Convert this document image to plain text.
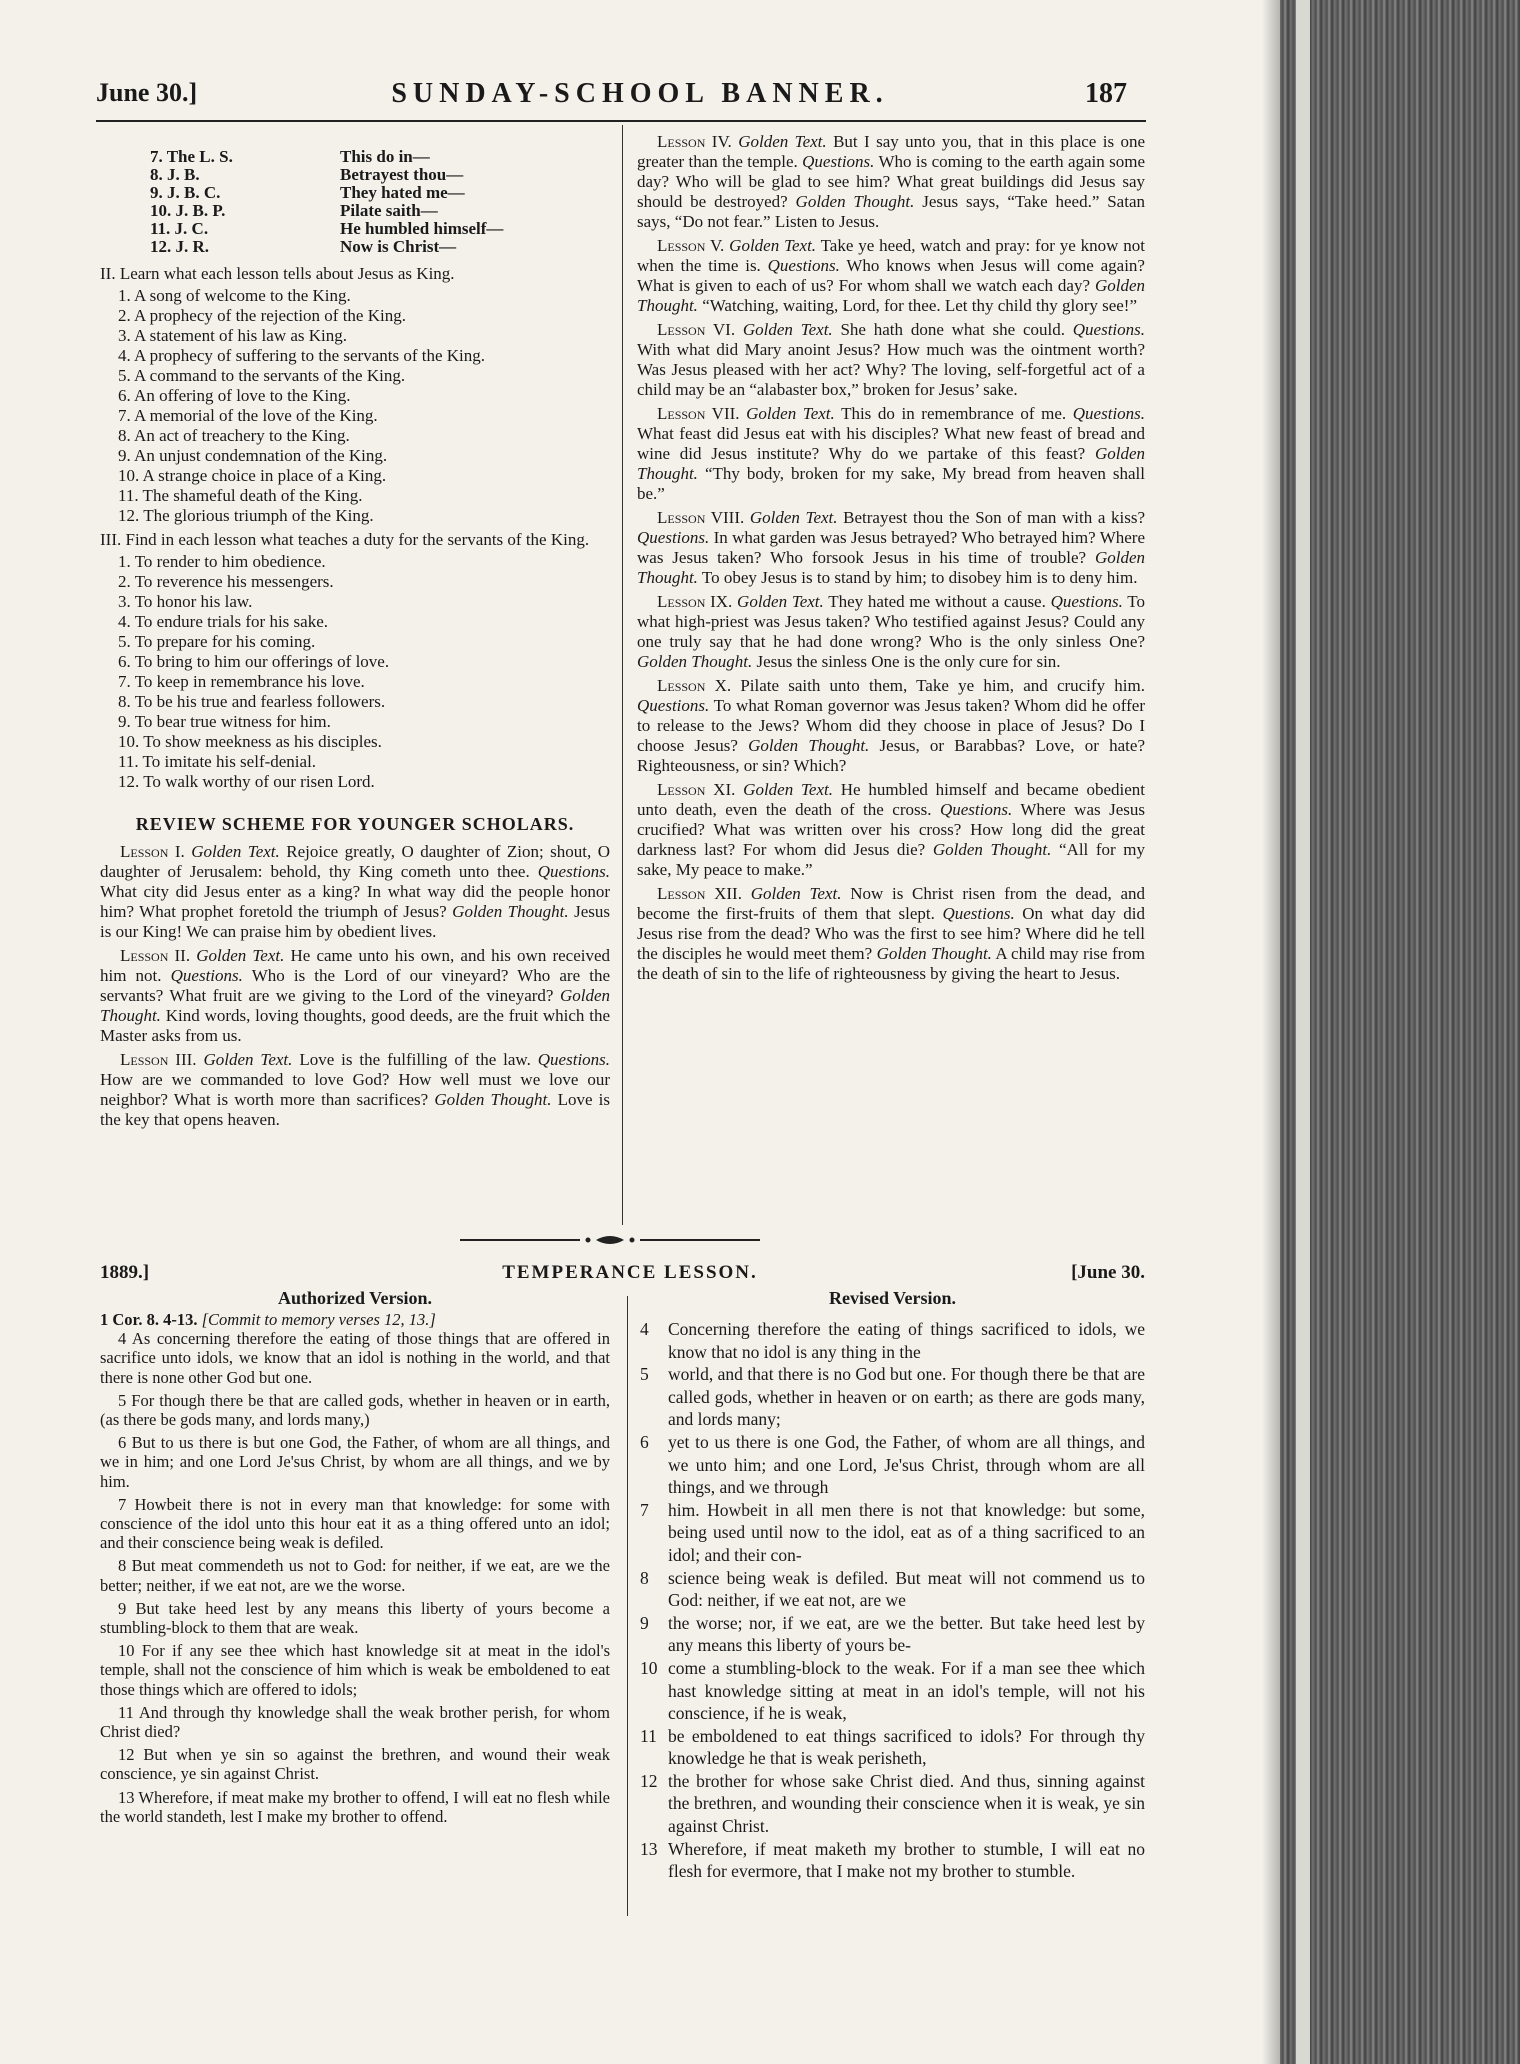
June 30.]	SUNDAY-SCHOOL BANNER.	187
7. The L. S.	This do in—
8. J. B.	Betrayest thou—
9. J. B. C.	They hated me—
10. J. B. P.	Pilate saith—
11. J. C.	He humbled himself—
12. J. R.	Now is Christ—
II. Learn what each lesson tells about Jesus as King.
1. A song of welcome to the King.
2. A prophecy of the rejection of the King.
3. A statement of his law as King.
4. A prophecy of suffering to the servants of the King.
5. A command to the servants of the King.
6. An offering of love to the King.
7. A memorial of the love of the King.
8. An act of treachery to the King.
9. An unjust condemnation of the King.
10. A strange choice in place of a King.
11. The shameful death of the King.
12. The glorious triumph of the King.
III. Find in each lesson what teaches a duty for the servants of the King.
1. To render to him obedience.
2. To reverence his messengers.
3. To honor his law.
4. To endure trials for his sake.
5. To prepare for his coming.
6. To bring to him our offerings of love.
7. To keep in remembrance his love.
8. To be his true and fearless followers.
9. To bear true witness for him.
10. To show meekness as his disciples.
11. To imitate his self-denial.
12. To walk worthy of our risen Lord.
REVIEW SCHEME FOR YOUNGER SCHOLARS.

Lesson I. Golden Text. Rejoice greatly, O daughter of Zion; shout, O daughter of Jerusalem: behold, thy King cometh unto thee. Questions. What city did Jesus enter as a king? In what way did the people honor him? What prophet foretold the triumph of Jesus? Golden Thought. Jesus is our King! We can praise him by obedient lives.

Lesson II. Golden Text. He came unto his own, and his own received him not. Questions. Who is the Lord of our vineyard? Who are the servants? What fruit are we giving to the Lord of the vineyard? Golden Thought. Kind words, loving thoughts, good deeds, are the fruit which the Master asks from us.

Lesson III. Golden Text. Love is the fulfilling of the law. Questions. How are we commanded to love God? How well must we love our neighbor? What is worth more than sacrifices? Golden Thought. Love is the key that opens heaven.

Lesson IV. Golden Text. But I say unto you, that in this place is one greater than the temple. Questions. Who is coming to the earth again some day? Who will be glad to see him? What great buildings did Jesus say should be destroyed? Golden Thought. Jesus says, “Take heed.” Satan says, “Do not fear.” Listen to Jesus.

Lesson V. Golden Text. Take ye heed, watch and pray: for ye know not when the time is. Questions. Who knows when Jesus will come again? What is given to each of us? For whom shall we watch each day? Golden Thought. “Watching, waiting, Lord, for thee. Let thy child thy glory see!”

Lesson VI. Golden Text. She hath done what she could. Questions. With what did Mary anoint Jesus? How much was the ointment worth? Was Jesus pleased with her act? Why? The loving, self-forgetful act of a child may be an “alabaster box,” broken for Jesus’ sake.

Lesson VII. Golden Text. This do in remembrance of me. Questions. What feast did Jesus eat with his disciples? What new feast of bread and wine did Jesus institute? Why do we partake of this feast? Golden Thought. “Thy body, broken for my sake, My bread from heaven shall be.”

Lesson VIII. Golden Text. Betrayest thou the Son of man with a kiss? Questions. In what garden was Jesus betrayed? Who betrayed him? Where was Jesus taken? Who forsook Jesus in his time of trouble? Golden Thought. To obey Jesus is to stand by him; to disobey him is to deny him.

Lesson IX. Golden Text. They hated me without a cause. Questions. To what high-priest was Jesus taken? Who testified against Jesus? Could any one truly say that he had done wrong? Who is the only sinless One? Golden Thought. Jesus the sinless One is the only cure for sin.

Lesson X. Pilate saith unto them, Take ye him, and crucify him. Questions. To what Roman governor was Jesus taken? Whom did he offer to release to the Jews? Whom did they choose in place of Jesus? Do I choose Jesus? Golden Thought. Jesus, or Barabbas? Love, or hate? Righteousness, or sin? Which?

Lesson XI. Golden Text. He humbled himself and became obedient unto death, even the death of the cross. Questions. Where was Jesus crucified? What was written over his cross? How long did the great darkness last? For whom did Jesus die? Golden Thought. “All for my sake, My peace to make.”

Lesson XII. Golden Text. Now is Christ risen from the dead, and become the first-fruits of them that slept. Questions. On what day did Jesus rise from the dead? Who was the first to see him? Where did he tell the disciples he would meet them? Golden Thought. A child may rise from the death of sin to the life of righteousness by giving the heart to Jesus.

1889.]	TEMPERANCE LESSON.	[June 30.
Authorized Version.	Revised Version.
1 Cor. 8. 4-13. [Commit to memory verses 12, 13.]

4 As concerning therefore the eating of those things that are offered in sacrifice unto idols, we know that an idol is nothing in the world, and that there is none other God but one.

5 For though there be that are called gods, whether in heaven or in earth, (as there be gods many, and lords many,)

6 But to us there is but one God, the Father, of whom are all things, and we in him; and one Lord Je'sus Christ, by whom are all things, and we by him.

7 Howbeit there is not in every man that knowledge: for some with conscience of the idol unto this hour eat it as a thing offered unto an idol; and their conscience being weak is defiled.

8 But meat commendeth us not to God: for neither, if we eat, are we the better; neither, if we eat not, are we the worse.

9 But take heed lest by any means this liberty of yours become a stumbling-block to them that are weak.

10 For if any see thee which hast knowledge sit at meat in the idol's temple, shall not the conscience of him which is weak be emboldened to eat those things which are offered to idols;

11 And through thy knowledge shall the weak brother perish, for whom Christ died?

12 But when ye sin so against the brethren, and wound their weak conscience, ye sin against Christ.

13 Wherefore, if meat make my brother to offend, I will eat no flesh while the world standeth, lest I make my brother to offend.

4	Concerning therefore the eating of things sacrificed to idols, we know that no idol is any thing in the
5	world, and that there is no God but one. For though there be that are called gods, whether in heaven or on earth; as there are gods many, and lords many;
6	yet to us there is one God, the Father, of whom are all things, and we unto him; and one Lord, Je'sus Christ, through whom are all things, and we through
7	him. Howbeit in all men there is not that knowledge: but some, being used until now to the idol, eat as of a thing sacrificed to an idol; and their con-
8	science being weak is defiled. But meat will not commend us to God: neither, if we eat not, are we
9	the worse; nor, if we eat, are we the better. But take heed lest by any means this liberty of yours be-
10 come a stumbling-block to the weak. For if a man see thee which hast knowledge sitting at meat in an idol's temple, will not his conscience, if he is weak,
11 be emboldened to eat things sacrificed to idols? For through thy knowledge he that is weak perisheth,
12 the brother for whose sake Christ died. And thus, sinning against the brethren, and wounding their conscience when it is weak, ye sin against Christ.
13 Wherefore, if meat maketh my brother to stumble, I will eat no flesh for evermore, that I make not my brother to stumble.
